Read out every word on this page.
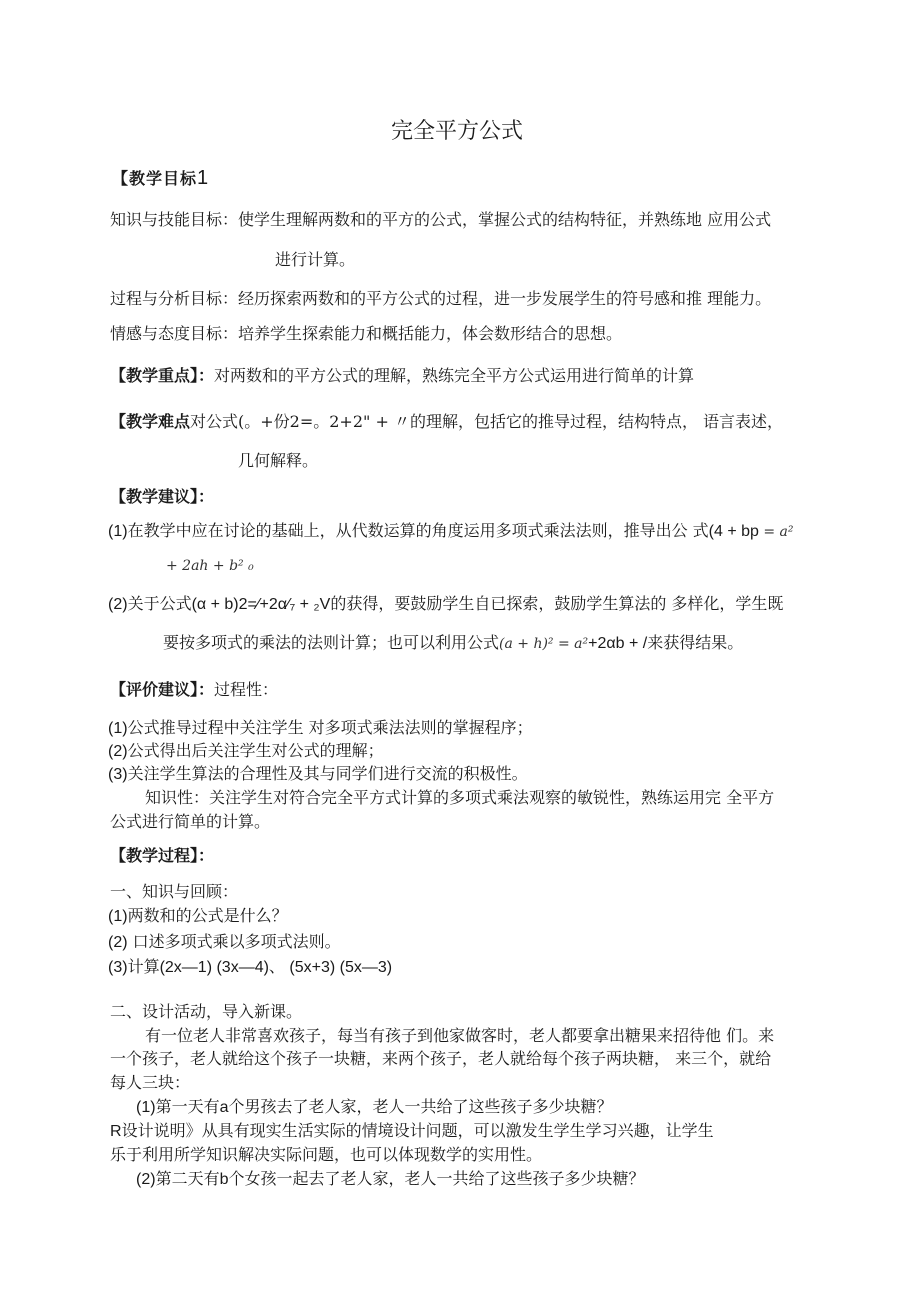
完全平方公式
【教学目标1
知识与技能目标：使学生理解两数和的平方的公式，掌握公式的结构特征，并熟练地 应用公式
进行计算。
过程与分析目标：经历探索两数和的平方公式的过程，进一步发展学生的符号感和推 理能力。
情感与态度目标：培养学生探索能力和概括能力，体会数形结合的思想。
【教学重点】：对两数和的平方公式的理解，熟练完全平方公式运用进行简单的计算
【教学难点对公式(。+份2=。2+2" + 〃的理解，包括它的推导过程，结构特点， 语言表述，
几何解释。
【教学建议】：
(1)在教学中应在讨论的基础上，从代数运算的角度运用多项式乘法法则，推导出公 式(4 + bp = a²
+ 2ah + b² ₀
(2)关于公式(α + b)2=⁄+2α⁄₇ + ₂V的获得，要鼓励学生自已探索，鼓励学生算法的 多样化，学生既
要按多项式的乘法的法则计算；也可以利用公式(a + h)² = a²+2αb + /来获得结果。
【评价建议】：过程性：
(1)公式推导过程中关注学生 对多项式乘法法则的掌握程序；
(2)公式得出后关注学生对公式的理解；
(3)关注学生算法的合理性及其与同学们进行交流的积极性。
知识性：关注学生对符合完全平方式计算的多项式乘法观察的敏锐性，熟练运用完 全平方
公式进行简单的计算。
【教学过程】：
一、知识与回顾：
(1)两数和的公式是什么？
(2) 口述多项式乘以多项式法则。
(3)计算(2x—1) (3x—4)、 (5x+3) (5x—3)
二、设计活动，导入新课。
有一位老人非常喜欢孩子，每当有孩子到他家做客时，老人都要拿出糖果来招待他 们。来
一个孩子，老人就给这个孩子一块糖，来两个孩子，老人就给每个孩子两块糖， 来三个，就给
每人三块：
(1)第一天有a个男孩去了老人家，老人一共给了这些孩子多少块糖？
R设计说明》从具有现实生活实际的情境设计问题，可以激发生学生学习兴趣，让学生
乐于利用所学知识解决实际问题，也可以体现数学的实用性。
(2)第二天有b个女孩一起去了老人家，老人一共给了这些孩子多少块糖？
